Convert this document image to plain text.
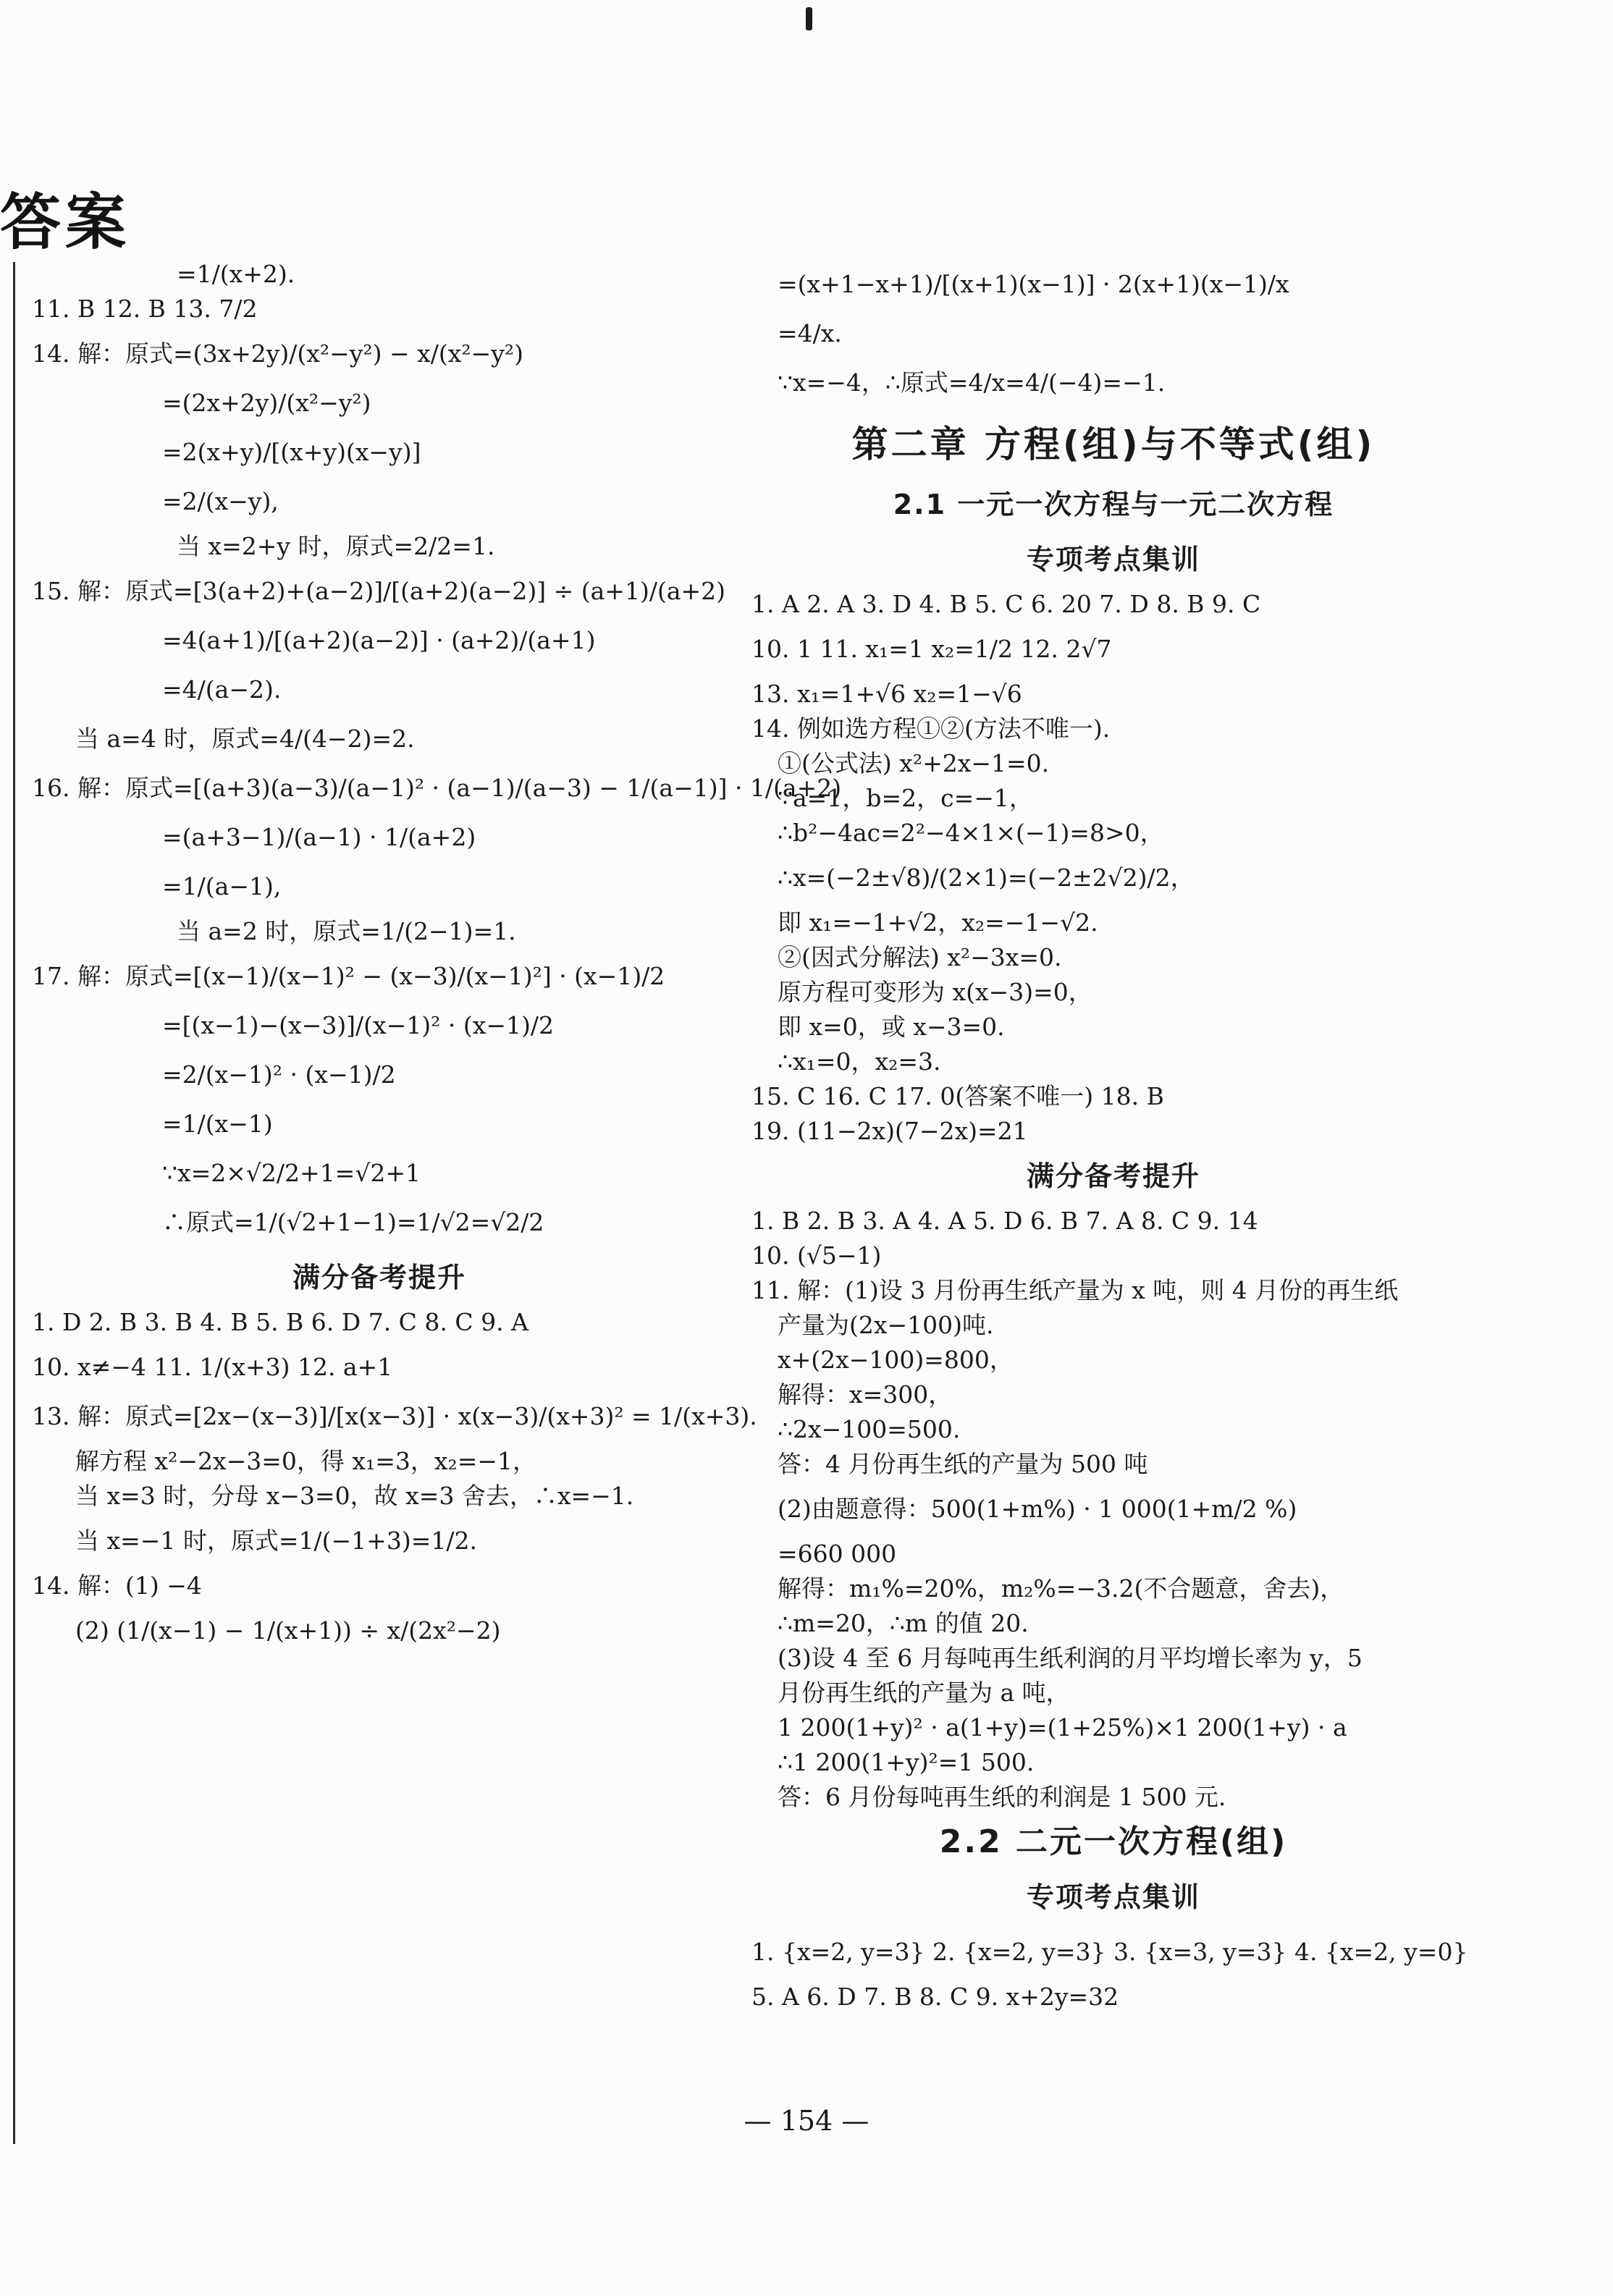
答案
=1/(x+2).
11. B 12. B 13. 7/2
14. 解：原式=(3x+2y)/(x²−y²) − x/(x²−y²)
=(2x+2y)/(x²−y²)
=2(x+y)/[(x+y)(x−y)]
=2/(x−y),
当 x=2+y 时，原式=2/2=1.
15. 解：原式=[3(a+2)+(a−2)]/[(a+2)(a−2)] ÷ (a+1)/(a+2)
=4(a+1)/[(a+2)(a−2)] · (a+2)/(a+1)
=4/(a−2).
当 a=4 时，原式=4/(4−2)=2.
16. 解：原式=[(a+3)(a−3)/(a−1)² · (a−1)/(a−3) − 1/(a−1)] · 1/(a+2)
=(a+3−1)/(a−1) · 1/(a+2)
=1/(a−1),
当 a=2 时，原式=1/(2−1)=1.
17. 解：原式=[(x−1)/(x−1)² − (x−3)/(x−1)²] · (x−1)/2
=[(x−1)−(x−3)]/(x−1)² · (x−1)/2
=2/(x−1)² · (x−1)/2
=1/(x−1)
∵x=2×√2/2+1=√2+1
∴原式=1/(√2+1−1)=1/√2=√2/2
满分备考提升
1. D 2. B 3. B 4. B 5. B 6. D 7. C 8. C 9. A
10. x≠−4 11. 1/(x+3) 12. a+1
13. 解：原式=[2x−(x−3)]/[x(x−3)] · x(x−3)/(x+3)² = 1/(x+3).
解方程 x²−2x−3=0，得 x₁=3，x₂=−1，
当 x=3 时，分母 x−3=0，故 x=3 舍去，∴x=−1.
当 x=−1 时，原式=1/(−1+3)=1/2.
14. 解：(1) −4
(2) (1/(x−1) − 1/(x+1)) ÷ x/(2x²−2)
=(x+1−x+1)/[(x+1)(x−1)] · 2(x+1)(x−1)/x
=4/x.
∵x=−4，∴原式=4/x=4/(−4)=−1.
第二章 方程(组)与不等式(组)
2.1 一元一次方程与一元二次方程
专项考点集训
1. A 2. A 3. D 4. B 5. C 6. 20 7. D 8. B 9. C
10. 1 11. x₁=1 x₂=1/2 12. 2√7
13. x₁=1+√6 x₂=1−√6
14. 例如选方程①②(方法不唯一).
①(公式法) x²+2x−1=0.
∵a=1，b=2，c=−1，
∴b²−4ac=2²−4×1×(−1)=8>0，
∴x=(−2±√8)/(2×1)=(−2±2√2)/2，
即 x₁=−1+√2，x₂=−1−√2.
②(因式分解法) x²−3x=0.
原方程可变形为 x(x−3)=0，
即 x=0，或 x−3=0.
∴x₁=0，x₂=3.
15. C 16. C 17. 0(答案不唯一) 18. B
19. (11−2x)(7−2x)=21
满分备考提升
1. B 2. B 3. A 4. A 5. D 6. B 7. A 8. C 9. 14
10. (√5−1)
11. 解：(1)设 3 月份再生纸产量为 x 吨，则 4 月份的再生纸
产量为(2x−100)吨.
x+(2x−100)=800，
解得：x=300，
∴2x−100=500.
答：4 月份再生纸的产量为 500 吨
(2)由题意得：500(1+m%) · 1 000(1+m/2 %)
=660 000
解得：m₁%=20%，m₂%=−3.2(不合题意，舍去)，
∴m=20，∴m 的值 20.
(3)设 4 至 6 月每吨再生纸利润的月平均增长率为 y，5
月份再生纸的产量为 a 吨，
1 200(1+y)² · a(1+y)=(1+25%)×1 200(1+y) · a
∴1 200(1+y)²=1 500.
答：6 月份每吨再生纸的利润是 1 500 元.
2.2 二元一次方程(组)
专项考点集训
1. {x=2, y=3} 2. {x=2, y=3} 3. {x=3, y=3} 4. {x=2, y=0}
5. A 6. D 7. B 8. C 9. x+2y=32
— 154 —
